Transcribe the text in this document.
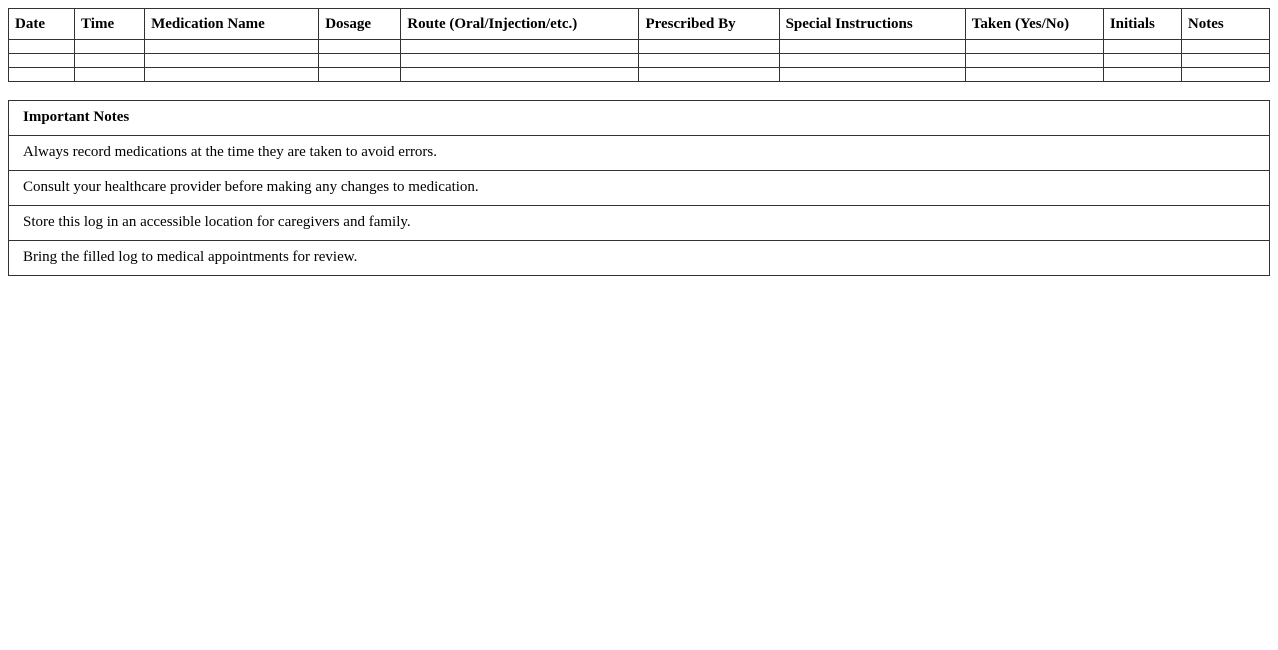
Date	Time	Medication Name	Dosage	Route (Oral/Injection/etc.)	Prescribed By	Special Instructions	Taken (Yes/No)	Initials	Notes

Important Notes
Always record medications at the time they are taken to avoid errors.
Consult your healthcare provider before making any changes to medication.
Store this log in an accessible location for caregivers and family.
Bring the filled log to medical appointments for review.
